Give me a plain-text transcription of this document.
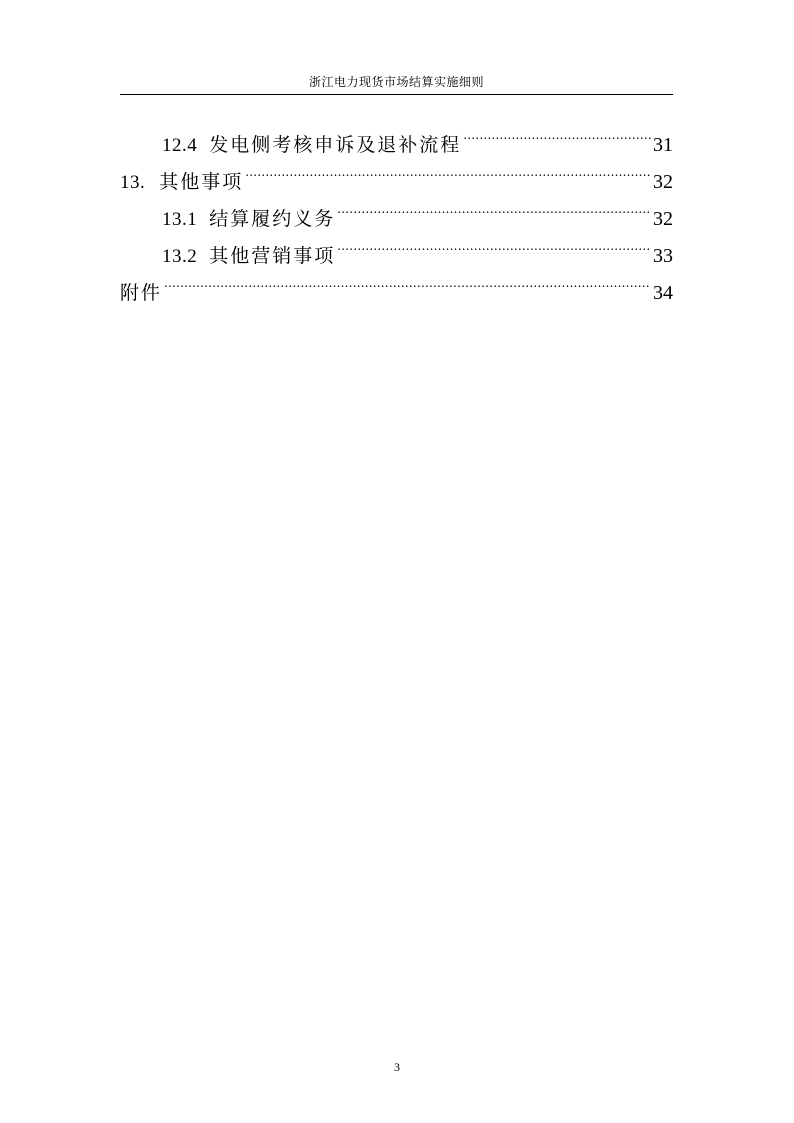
浙江电力现货市场结算实施细则
12.4 发电侧考核申诉及退补流程 .....	31
13. 其他事项 .....	32
13.1 结算履约义务 .....	32
13.2 其他营销事项 .....	33
附件 .....	34
3
